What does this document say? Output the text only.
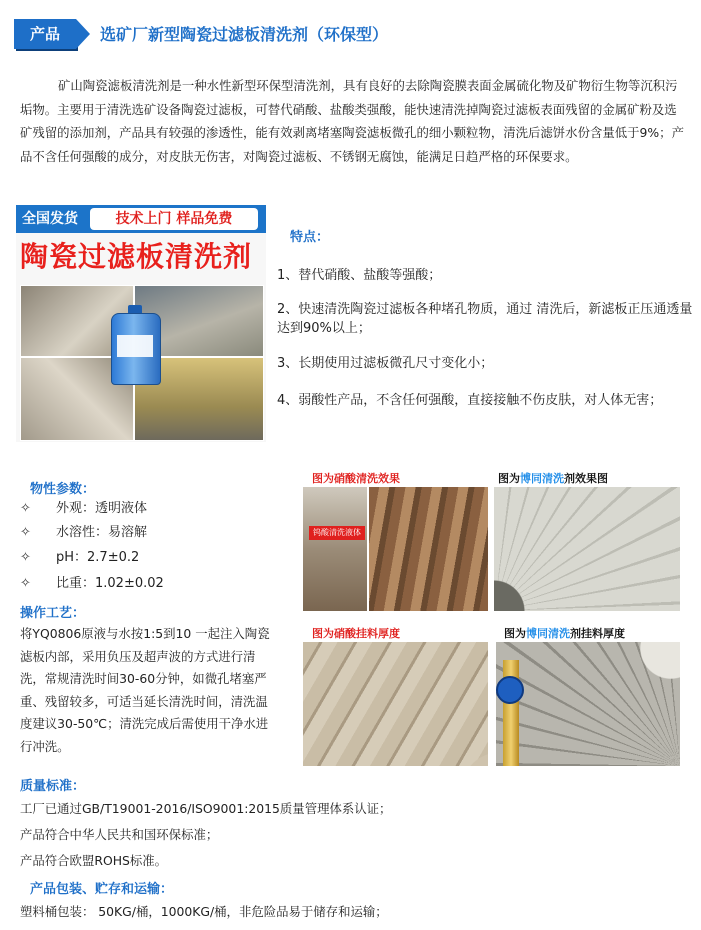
产品	选矿厂新型陶瓷过滤板清洗剂（环保型）
矿山陶瓷滤板清洗剂是一种水性新型环保型清洗剂，具有良好的去除陶瓷膜表面金属硫化物及矿物衍生物等沉积污垢物。主要用于清洗选矿设备陶瓷过滤板，可替代硝酸、盐酸类强酸，能快速清洗掉陶瓷过滤板表面残留的金属矿粉及选矿残留的添加剂，产品具有较强的渗透性，能有效剥离堵塞陶瓷滤板微孔的细小颗粒物，清洗后滤饼水份含量低于9%；产品不含任何强酸的成分，对皮肤无伤害，对陶瓷过滤板、不锈钢无腐蚀，能满足日趋严格的环保要求。
全国发货	技术上门 样品免费
陶瓷过滤板清洗剂
特点：
1、替代硝酸、盐酸等强酸；
2、快速清洗陶瓷过滤板各种堵孔物质，通过 清洗后，新滤板正压通透量达到90%以上；
3、长期使用过滤板微孔尺寸变化小；
4、弱酸性产品，不含任何强酸，直接接触不伤皮肤，对人体无害；
物性参数：
✧ 外观：透明液体
✧ 水溶性：易溶解
✧ pH：2.7±0.2
✧ 比重：1.02±0.02
操作工艺：
将YQ0806原液与水按1:5到10 一起注入陶瓷滤板内部，采用负压及超声波的方式进行清洗，常规清洗时间30-60分钟，如微孔堵塞严重、残留较多，可适当延长清洗时间，清洗温度建议30-50℃；清洗完成后需使用干净水进行冲洗。
质量标准：
工厂已通过GB/T19001-2016/ISO9001:2015质量管理体系认证；
产品符合中华人民共和国环保标准；
产品符合欧盟ROHS标准。
产品包装、贮存和运输：
塑料桶包装： 50KG/桶，1000KG/桶，非危险品易于储存和运输；
图为硝酸清洗效果	图为博同清洗剂效果图
图为硝酸挂料厚度	图为博同清洗剂挂料厚度
钨酸清洗液体
